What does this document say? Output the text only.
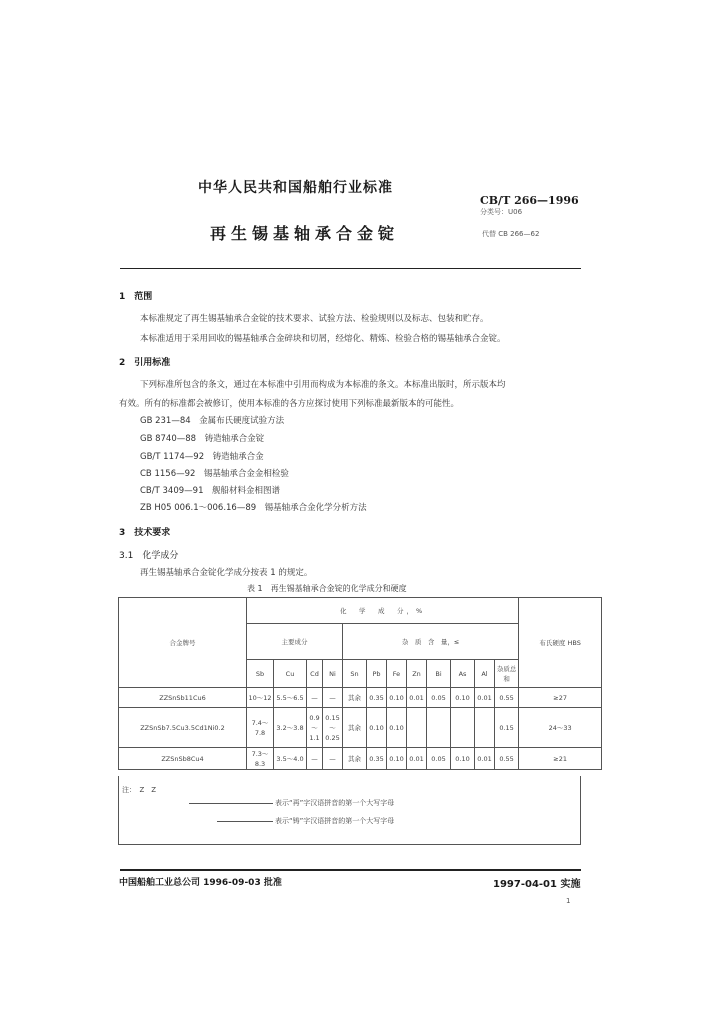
中华人民共和国船舶行业标准
CB/T 266—1996
分类号：U06
再生锡基轴承合金锭	代替 CB 266—62
1　范围
本标准规定了再生锡基轴承合金锭的技术要求、试验方法、检验规则以及标志、包装和贮存。
本标准适用于采用回收的锡基轴承合金碎块和切屑，经熔化、精炼、检验合格的锡基轴承合金锭。
2　引用标准
下列标准所包含的条文，通过在本标准中引用而构成为本标准的条文。本标准出版时，所示版本均
有效。所有的标准都会被修订，使用本标准的各方应探讨使用下列标准最新版本的可能性。
GB 231—84　金属布氏硬度试验方法
GB 8740—88　铸造轴承合金锭
GB/T 1174—92　铸造轴承合金
CB 1156—92　锡基轴承合金金相检验
CB/T 3409—91　舰船材料金相图谱
ZB H05 006.1～006.16—89　锡基轴承合金化学分析方法
3　技术要求
3.1　化学成分
再生锡基轴承合金锭化学成分按表 1 的规定。
表 1　再生锡基轴承合金锭的化学成分和硬度
合金牌号	化　学　成　分，%												布氏硬度 HBS
	主要成分				杂　质　含　量，≤								
	Sb	Cu	Cd	Ni	Sn	Pb	Fe	Zn	Bi	As	Al	杂质总和	
ZZSnSb11Cu6	10～12	5.5～6.5	—	—	其余	0.35	0.10	0.01	0.05	0.10	0.01	0.55	≥27
ZZSnSb7.5Cu3.5Cd1Ni0.2	7.4～7.8	3.2～3.8	0.9～1.1	0.15～0.25	其余	0.10	0.10					0.15	24～33
ZZSnSb8Cu4	7.3～8.3	3.5～4.0	—	—	其余	0.35	0.10	0.01	0.05	0.10	0.01	0.55	≥21
注：　Z　Z
表示“再”字汉语拼音的第一个大写字母
表示“铸”字汉语拼音的第一个大写字母
中国船舶工业总公司 1996-09-03 批准	1997-04-01 实施
1
